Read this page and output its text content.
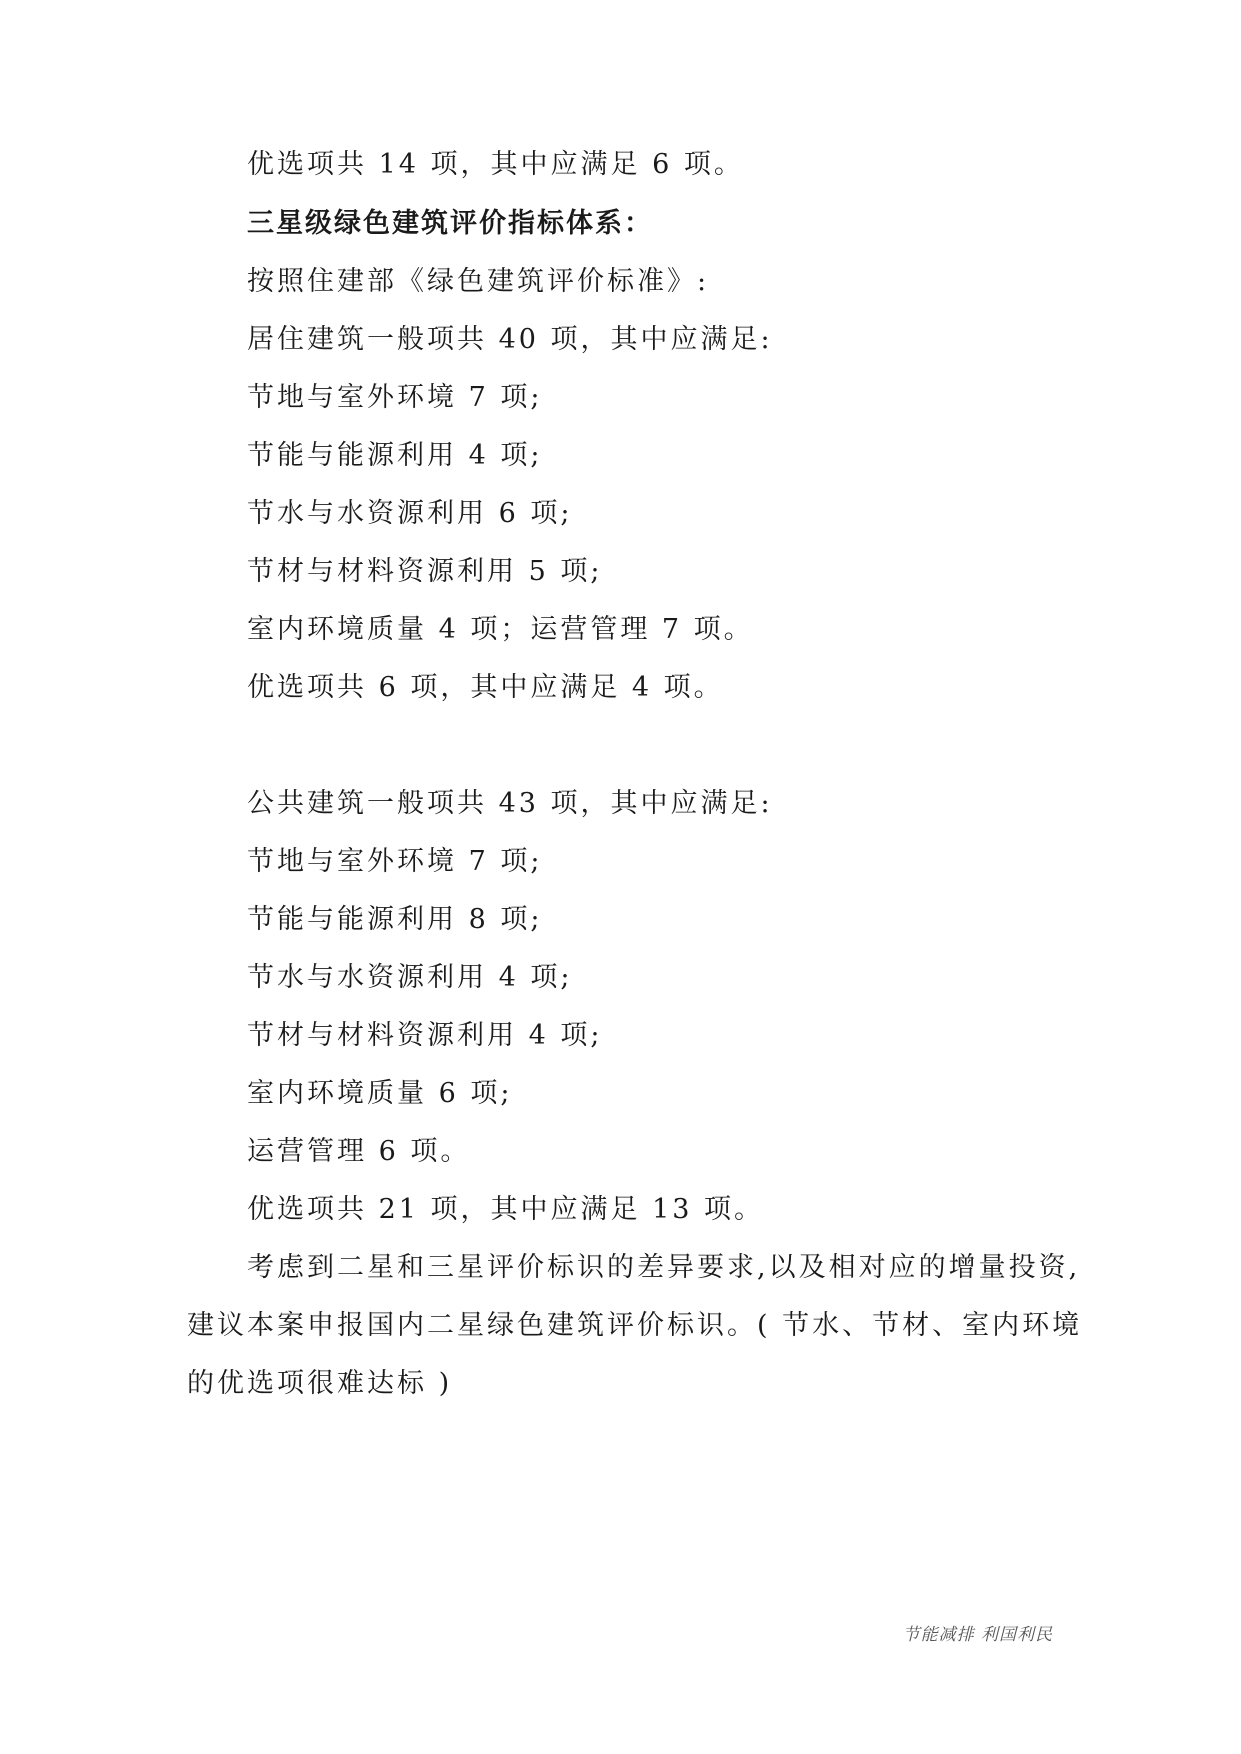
优选项共 14 项，其中应满足 6 项。
三星级绿色建筑评价指标体系：
按照住建部《绿色建筑评价标准》:
居住建筑一般项共 40 项，其中应满足:
节地与室外环境 7 项;
节能与能源利用 4 项;
节水与水资源利用 6 项;
节材与材料资源利用 5 项;
室内环境质量 4 项；运营管理 7 项。
优选项共 6 项，其中应满足 4 项。
公共建筑一般项共 43 项，其中应满足:
节地与室外环境 7 项;
节能与能源利用 8 项;
节水与水资源利用 4 项;
节材与材料资源利用 4 项;
室内环境质量 6 项;
运营管理 6 项。
优选项共 21 项，其中应满足 13 项。
考虑到二星和三星评价标识的差异要求,以及相对应的增量投资,
建议本案申报国内二星绿色建筑评价标识。( 节水、节材、室内环境
的优选项很难达标 )
节能减排 利国利民
